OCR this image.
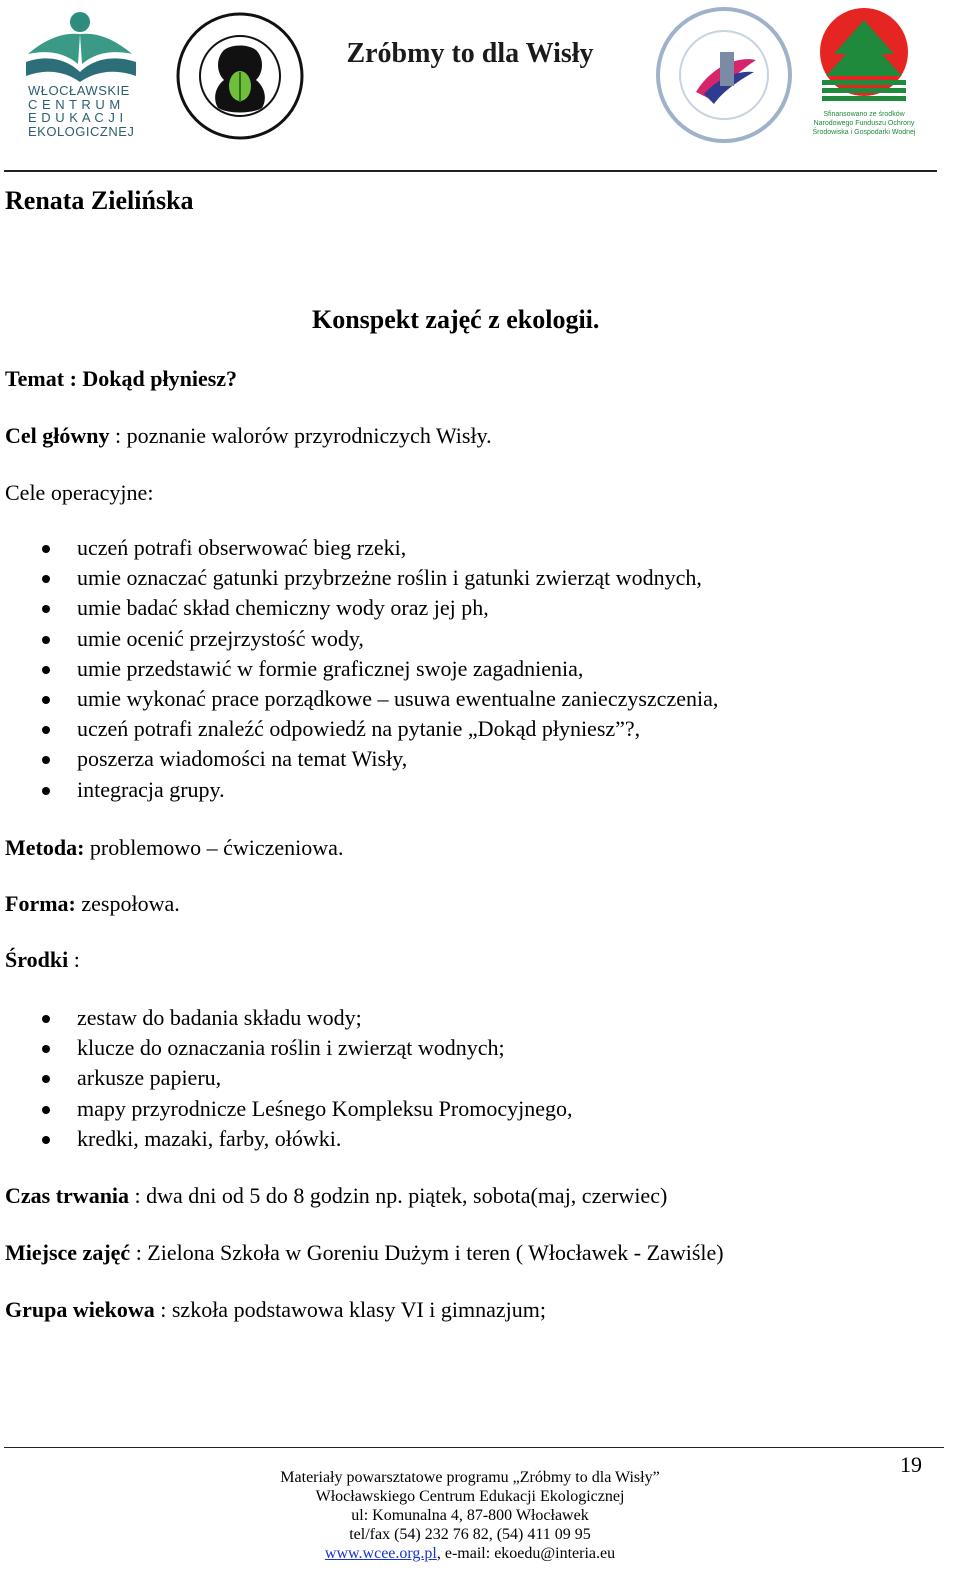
WŁOCŁAWSKIE
C E N T R U M
E D U K A C J I
EKOLOGICZNEJ
Zróbmy to dla Wisły
Sfinansowano ze środków
Narodowego Funduszu Ochrony
Środowiska i Gospodarki Wodnej
Renata Zielińska
Konspekt zajęć z ekologii.
Temat : Dokąd płyniesz?
Cel główny : poznanie walorów przyrodniczych Wisły.
Cele operacyjne:
uczeń potrafi obserwować bieg rzeki,
umie oznaczać gatunki przybrzeżne roślin i gatunki zwierząt wodnych,
umie badać skład chemiczny wody oraz jej ph,
umie ocenić przejrzystość wody,
umie przedstawić w formie graficznej swoje zagadnienia,
umie wykonać prace porządkowe – usuwa ewentualne zanieczyszczenia,
uczeń potrafi znaleźć odpowiedź na pytanie „Dokąd płyniesz”?,
poszerza wiadomości na temat Wisły,
integracja grupy.
Metoda: problemowo – ćwiczeniowa.
Forma: zespołowa.
Środki :
zestaw do badania składu wody;
klucze do oznaczania roślin i zwierząt wodnych;
arkusze papieru,
mapy przyrodnicze Leśnego Kompleksu Promocyjnego,
kredki, mazaki, farby, ołówki.
Czas trwania : dwa dni od 5 do 8 godzin np. piątek, sobota(maj, czerwiec)
Miejsce zajęć : Zielona Szkoła w Goreniu Dużym i teren ( Włocławek - Zawiśle)
Grupa wiekowa : szkoła podstawowa klasy VI i gimnazjum;
19
Materiały powarsztatowe programu „Zróbmy to dla Wisły”
Włocławskiego Centrum Edukacji Ekologicznej
ul: Komunalna 4, 87-800 Włocławek
tel/fax (54) 232 76 82, (54) 411 09 95
www.wcee.org.pl, e-mail: ekoedu@interia.eu
